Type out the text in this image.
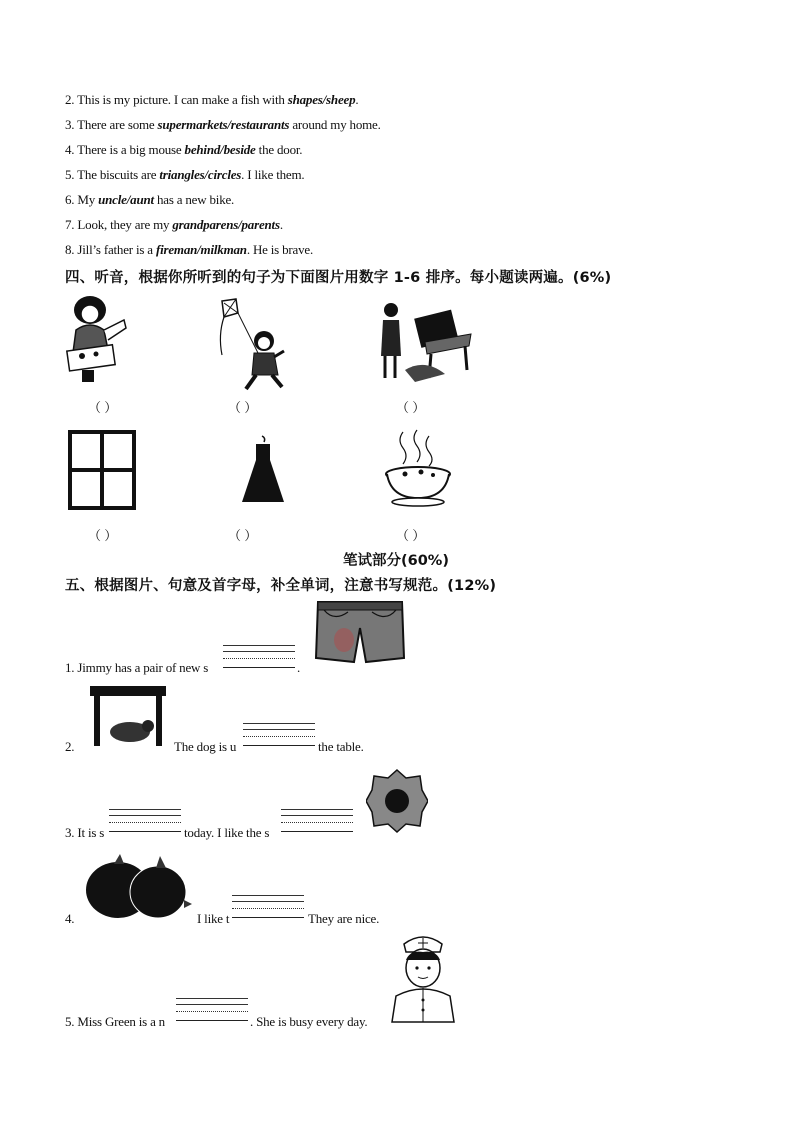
2. This is my picture. I can make a fish with shapes/sheep.
3. There are some supermarkets/restaurants around my home.
4. There is a big mouse behind/beside the door.
5. The biscuits are triangles/circles. I like them.
6. My uncle/aunt has a new bike.
7. Look, they are my grandparens/parents.
8. Jill’s father is a fireman/milkman. He is brave.
四、听音，根据你所听到的句子为下面图片用数字 1-6 排序。每小题读两遍。(6%)
（ ）	（ ）	（ ）
（ ）	（ ）	（ ）
笔试部分(60%)
五、根据图片、句意及首字母，补全单词，注意书写规范。(12%)
1. Jimmy has a pair of new s	.
2.	The dog is u	the table.
3. It is s	today. I like the s
4.	I like t	They are nice.
5. Miss Green is a n	. She is busy every day.
